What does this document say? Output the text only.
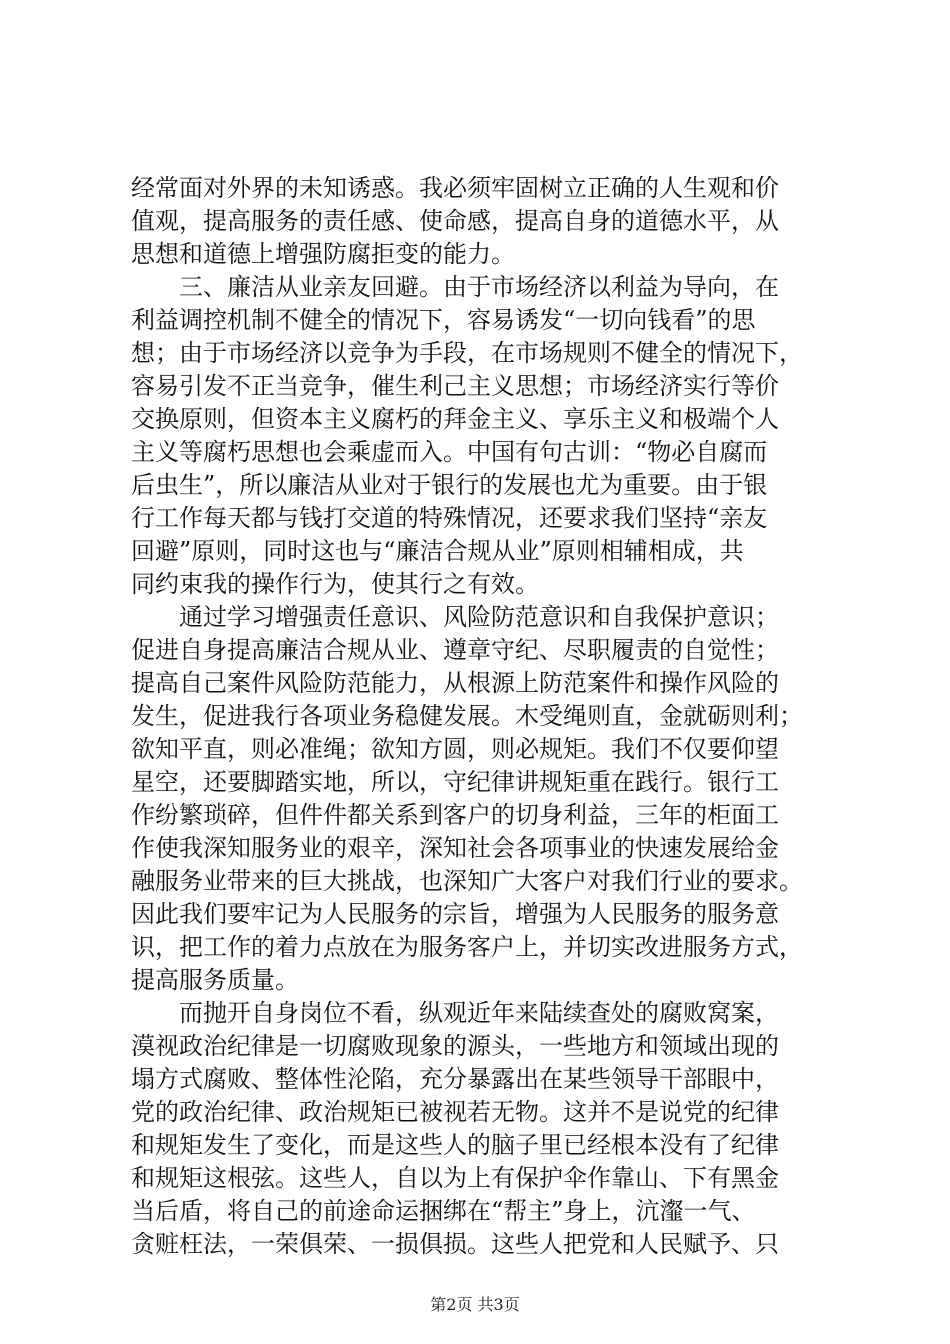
经常面对外界的未知诱惑。我必须牢固树立正确的人生观和价
值观，提高服务的责任感、使命感，提高自身的道德水平，从
思想和道德上增强防腐拒变的能力。
　　三、廉洁从业亲友回避。由于市场经济以利益为导向，在
利益调控机制不健全的情况下，容易诱发“一切向钱看”的思
想；由于市场经济以竞争为手段，在市场规则不健全的情况下，
容易引发不正当竞争，催生利己主义思想；市场经济实行等价
交换原则，但资本主义腐朽的拜金主义、享乐主义和极端个人
主义等腐朽思想也会乘虚而入。中国有句古训：“物必自腐而
后虫生”，所以廉洁从业对于银行的发展也尤为重要。由于银
行工作每天都与钱打交道的特殊情况，还要求我们坚持“亲友
回避”原则，同时这也与“廉洁合规从业”原则相辅相成，共
同约束我的操作行为，使其行之有效。
　　通过学习增强责任意识、风险防范意识和自我保护意识；
促进自身提高廉洁合规从业、遵章守纪、尽职履责的自觉性；
提高自己案件风险防范能力，从根源上防范案件和操作风险的
发生，促进我行各项业务稳健发展。木受绳则直，金就砺则利；
欲知平直，则必准绳；欲知方圆，则必规矩。我们不仅要仰望
星空，还要脚踏实地，所以，守纪律讲规矩重在践行。银行工
作纷繁琐碎，但件件都关系到客户的切身利益，三年的柜面工
作使我深知服务业的艰辛，深知社会各项事业的快速发展给金
融服务业带来的巨大挑战，也深知广大客户对我们行业的要求。
因此我们要牢记为人民服务的宗旨，增强为人民服务的服务意
识，把工作的着力点放在为服务客户上，并切实改进服务方式，
提高服务质量。
　　而抛开自身岗位不看，纵观近年来陆续查处的腐败窝案，
漠视政治纪律是一切腐败现象的源头，一些地方和领域出现的
塌方式腐败、整体性沦陷，充分暴露出在某些领导干部眼中，
党的政治纪律、政治规矩已被视若无物。这并不是说党的纪律
和规矩发生了变化，而是这些人的脑子里已经根本没有了纪律
和规矩这根弦。这些人，自以为上有保护伞作靠山、下有黑金
当后盾，将自己的前途命运捆绑在“帮主”身上，沆瀣一气、
贪赃枉法，一荣俱荣、一损俱损。这些人把党和人民赋予、只
第2页 共3页
